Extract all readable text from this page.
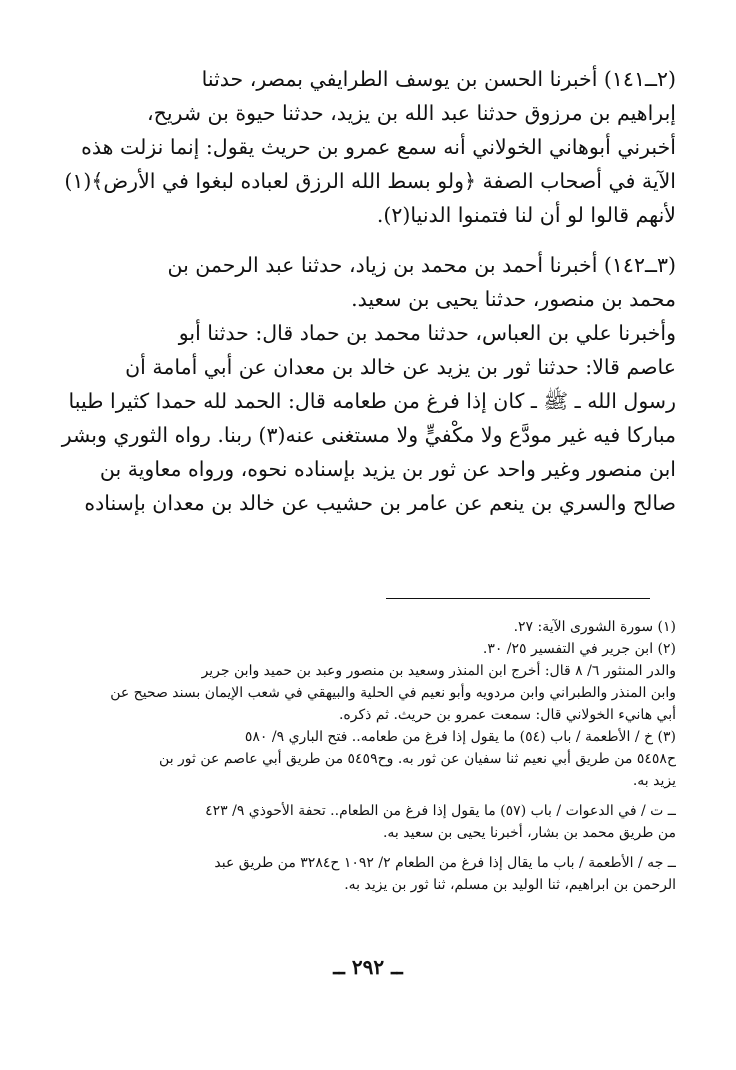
(٢ــ١٤١) أخبرنا الحسن بن يوسف الطرايفي بمصر، حدثنا
إبراهيم بن مرزوق حدثنا عبد الله بن يزيد، حدثنا حيوة بن شريح،
أخبرني أبوهاني الخولاني أنه سمع عمرو بن حريث يقول: إنما نزلت هذه
الآية في أصحاب الصفة ﴿ولو بسط الله الرزق لعباده لبغوا في الأرض﴾(١)
لأنهم قالوا لو أن لنا فتمنوا الدنيا(٢).
(٣ــ١٤٢) أخبرنا أحمد بن محمد بن زياد، حدثنا عبد الرحمن بن
محمد بن منصور، حدثنا يحيى بن سعيد.
وأخبرنا علي بن العباس، حدثنا محمد بن حماد قال: حدثنا أبو
عاصم قالا: حدثنا ثور بن يزيد عن خالد بن معدان عن أبي أمامة أن
رسول الله ـ ﷺ ـ كان إذا فرغ من طعامه قال: الحمد لله حمدا كثيرا طيبا
مباركا فيه غير مودَّع ولا مكْفيٍّ ولا مستغنى عنه(٣) ربنا. رواه الثوري وبشر
ابن منصور وغير واحد عن ثور بن يزيد بإسناده نحوه، ورواه معاوية بن
صالح والسري بن ينعم عن عامر بن حشيب عن خالد بن معدان بإسناده
(١) سورة الشورى الآية: ٢٧.
(٢) ابن جرير في التفسير ٢٥/ ٣٠.
والدر المنثور ٦/ ٨ قال: أخرج ابن المنذر وسعيد بن منصور وعبد بن حميد وابن جرير
وابن المنذر والطبراني وابن مردويه وأبو نعيم في الحلية والبيهقي في شعب الإيمان بسند صحيح عن
أبي هانيء الخولاني قال: سمعت عمرو بن حريث. ثم ذكره.
(٣) خ / الأطعمة / باب (٥٤) ما يقول إذا فرغ من طعامه.. فتح الباري ٩/ ٥٨٠
ح٥٤٥٨ من طريق أبي نعيم ثنا سفيان عن ثور به. وح٥٤٥٩ من طريق أبي عاصم عن ثور بن
يزيد به.
ــ ت / في الدعوات / باب (٥٧) ما يقول إذا فرغ من الطعام.. تحفة الأحوذي ٩/ ٤٢٣
من طريق محمد بن بشار، أخبرنا يحيى بن سعيد به.
ــ جه / الأطعمة / باب ما يقال إذا فرغ من الطعام ٢/ ١٠٩٢ ح٣٢٨٤ من طريق عبد
الرحمن بن ابراهيم، ثنا الوليد بن مسلم، ثنا ثور بن يزيد به.
ــ ٢٩٢ ــ
